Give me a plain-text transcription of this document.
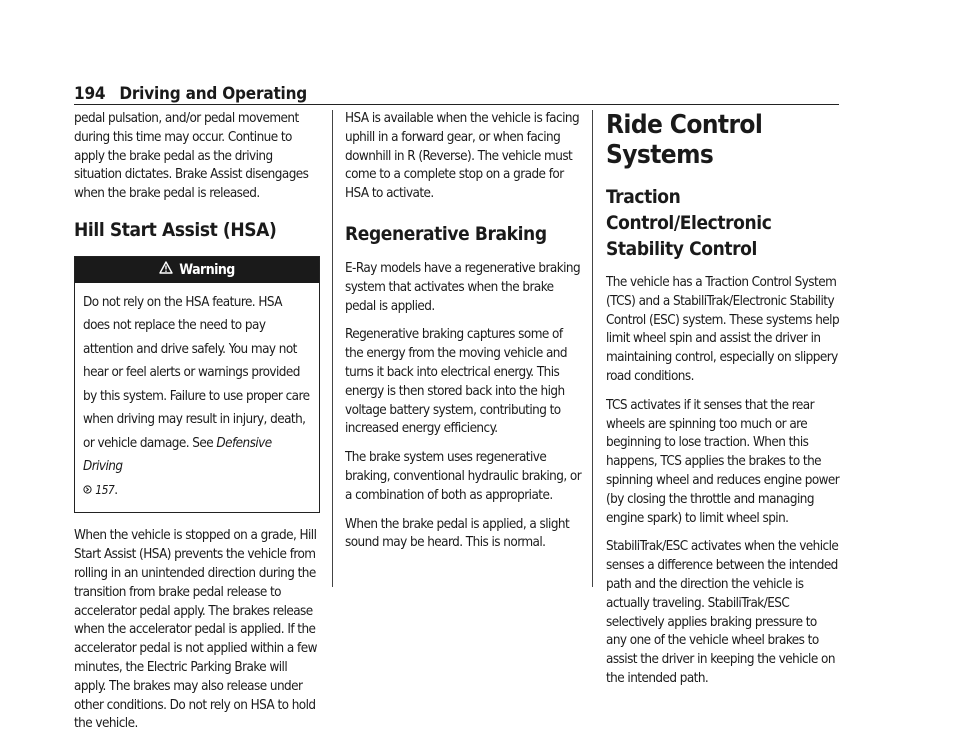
194 Driving and Operating

pedal pulsation, and/or pedal movement during this time may occur. Continue to apply the brake pedal as the driving situation dictates. Brake Assist disengages when the brake pedal is released.

Hill Start Assist (HSA)
Warning
Do not rely on the HSA feature. HSA does not replace the need to pay attention and drive safely. You may not hear or feel alerts or warnings provided by this system. Failure to use proper care when driving may result in injury, death, or vehicle damage. See Defensive Driving
157.

When the vehicle is stopped on a grade, Hill Start Assist (HSA) prevents the vehicle from rolling in an unintended direction during the transition from brake pedal release to accelerator pedal apply. The brakes release when the accelerator pedal is applied. If the accelerator pedal is not applied within a few minutes, the Electric Parking Brake will apply. The brakes may also release under other conditions. Do not rely on HSA to hold the vehicle.

HSA is available when the vehicle is facing uphill in a forward gear, or when facing downhill in R (Reverse). The vehicle must come to a complete stop on a grade for HSA to activate.

Regenerative Braking

E-Ray models have a regenerative braking system that activates when the brake pedal is applied.

Regenerative braking captures some of the energy from the moving vehicle and turns it back into electrical energy. This energy is then stored back into the high voltage battery system, contributing to increased energy efficiency.

The brake system uses regenerative braking, conventional hydraulic braking, or a combination of both as appropriate.

When the brake pedal is applied, a slight sound may be heard. This is normal.

Ride Control Systems
Traction Control/Electronic Stability Control

The vehicle has a Traction Control System (TCS) and a StabiliTrak/Electronic Stability Control (ESC) system. These systems help limit wheel spin and assist the driver in maintaining control, especially on slippery road conditions.

TCS activates if it senses that the rear wheels are spinning too much or are beginning to lose traction. When this happens, TCS applies the brakes to the spinning wheel and reduces engine power (by closing the throttle and managing engine spark) to limit wheel spin.

StabiliTrak/ESC activates when the vehicle senses a difference between the intended path and the direction the vehicle is actually traveling. StabiliTrak/ESC selectively applies braking pressure to any one of the vehicle wheel brakes to assist the driver in keeping the vehicle on the intended path.
